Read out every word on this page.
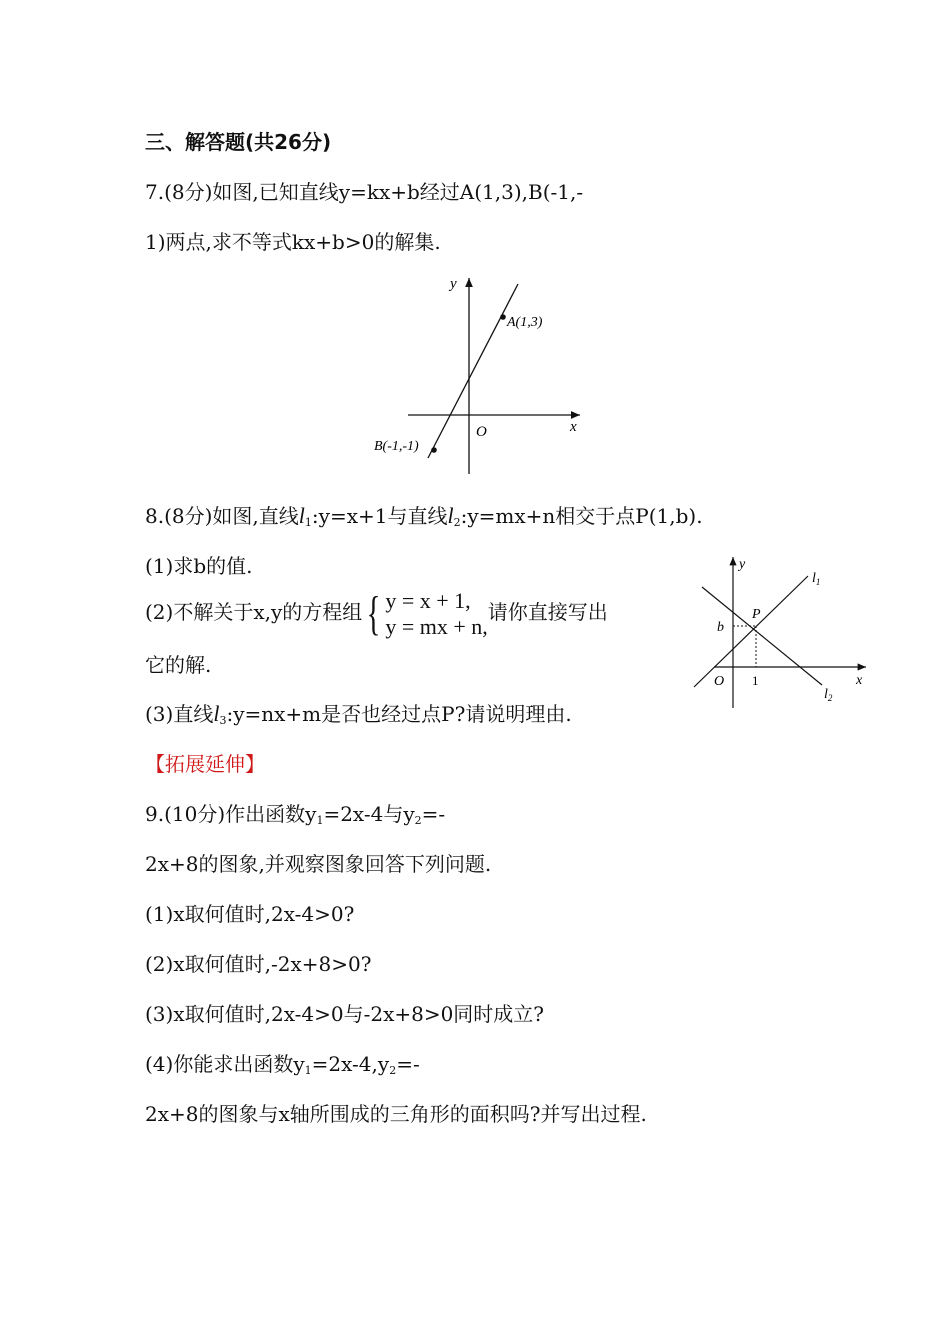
三、解答题(共26分)
7.(8分)如图,已知直线y=kx+b经过A(1,3),B(-1,-
1)两点,求不等式kx+b>0的解集.
y
x
O
A(1,3)
B(-1,-1)
8.(8分)如图,直线$l_1:y=x+1$与直线$l_2:y=mx+n$相交于点P(1,b).
(1)求b的值.
(2)不解关于x,y的方程组{ y = x + 1,
y = mx + n,
请你直接写出
它的解.
(3)直线$l_3:y=nx+m$是否也经过点P?请说明理由.
y
x
O
P
b
1
$l_1$
$l_2$
【拓展延伸】
9.(10分)作出函数$y_1=2x-4$与$y_2=-$
2x+8的图象,并观察图象回答下列问题.
(1)x取何值时,2x-4>0?
(2)x取何值时,-2x+8>0?
(3)x取何值时,2x-4>0与-2x+8>0同时成立?
(4)你能求出函数$y_1=2x-4,y_2=-$
2x+8的图象与x轴所围成的三角形的面积吗?并写出过程.
